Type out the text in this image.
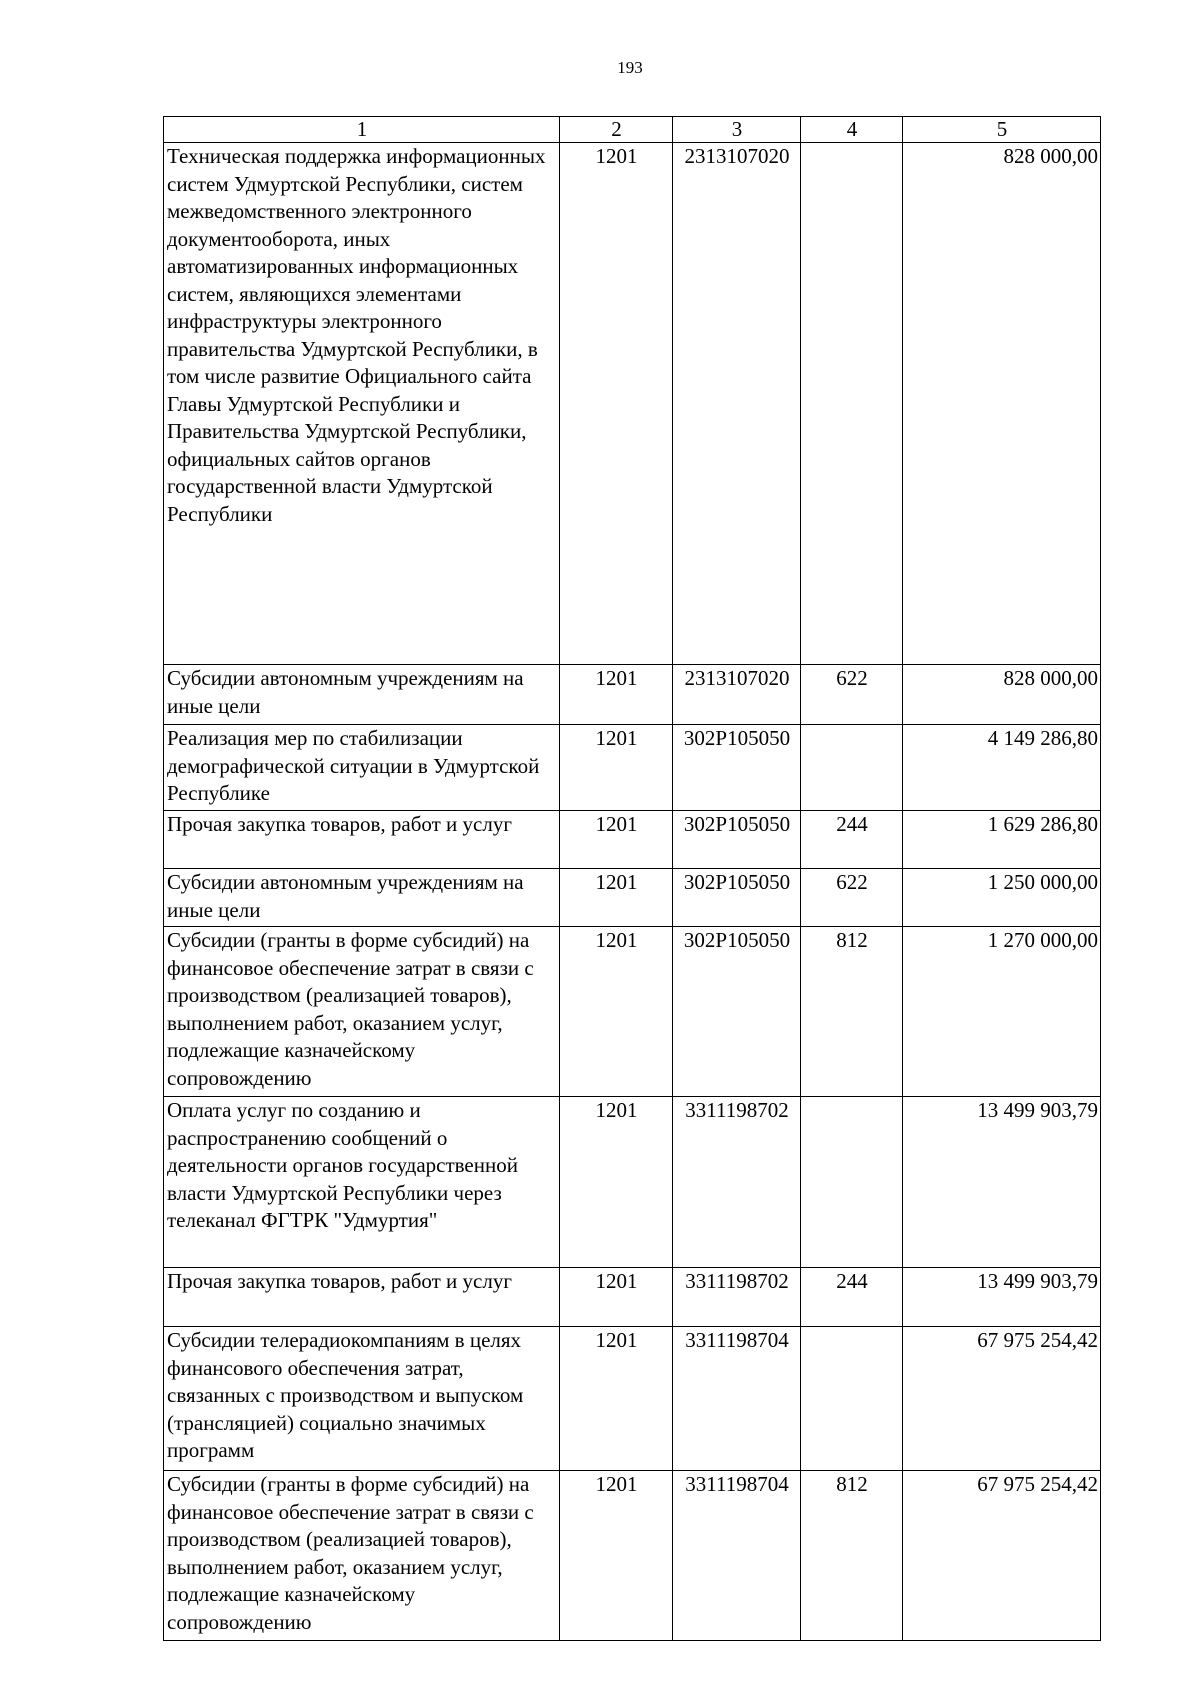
193
1	2	3	4	5
Техническая поддержка информационных систем Удмуртской Республики, систем межведомственного электронного документооборота, иных автоматизированных информационных систем, являющихся элементами инфраструктуры электронного правительства Удмуртской Республики, в том числе развитие Официального сайта Главы Удмуртской Республики и Правительства Удмуртской Республики, официальных сайтов органов государственной власти Удмуртской Республики	1201	2313107020		828 000,00
Субсидии автономным учреждениям на иные цели	1201	2313107020	622	828 000,00
Реализация мер по стабилизации демографической ситуации в Удмуртской Республике	1201	302P105050		4 149 286,80
Прочая закупка товаров, работ и услуг	1201	302P105050	244	1 629 286,80
Субсидии автономным учреждениям на иные цели	1201	302P105050	622	1 250 000,00
Субсидии (гранты в форме субсидий) на финансовое обеспечение затрат в связи с производством (реализацией товаров), выполнением работ, оказанием услуг, подлежащие казначейскому сопровождению	1201	302P105050	812	1 270 000,00
Оплата услуг по созданию и распространению сообщений о деятельности органов государственной власти Удмуртской Республики через телеканал ФГТРК "Удмуртия"	1201	3311198702		13 499 903,79
Прочая закупка товаров, работ и услуг	1201	3311198702	244	13 499 903,79
Субсидии телерадиокомпаниям в целях финансового обеспечения затрат, связанных с производством и выпуском (трансляцией) социально значимых программ	1201	3311198704		67 975 254,42
Субсидии (гранты в форме субсидий) на финансовое обеспечение затрат в связи с производством (реализацией товаров), выполнением работ, оказанием услуг, подлежащие казначейскому сопровождению	1201	3311198704	812	67 975 254,42
